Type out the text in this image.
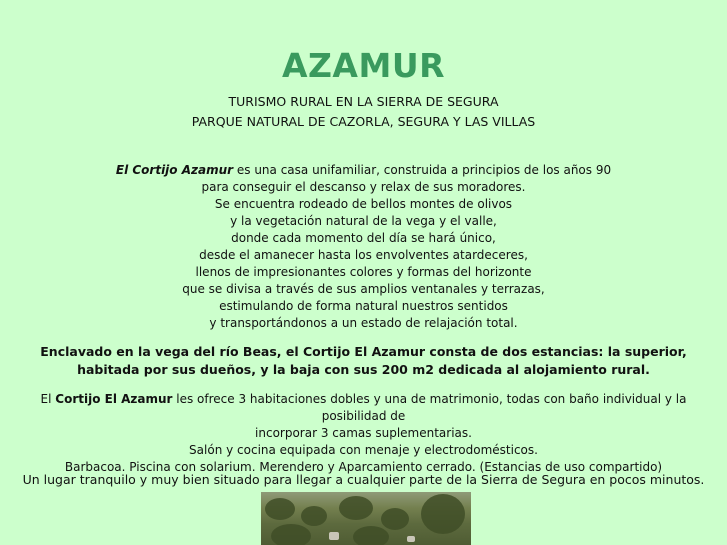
AZAMUR
TURISMO RURAL EN LA SIERRA DE SEGURA
PARQUE NATURAL DE CAZORLA, SEGURA Y LAS VILLAS
El Cortijo Azamur es una casa unifamiliar, construida a principios de los años 90
para conseguir el descanso y relax de sus moradores.
Se encuentra rodeado de bellos montes de olivos
y la vegetación natural de la vega y el valle,
donde cada momento del día se hará único,
desde el amanecer hasta los envolventes atardeceres,
llenos de impresionantes colores y formas del horizonte
que se divisa a través de sus amplios ventanales y terrazas,
estimulando de forma natural nuestros sentidos
y transportándonos a un estado de relajación total.
Enclavado en la vega del río Beas, el Cortijo El Azamur consta de dos estancias: la superior, habitada por sus dueños, y la baja con sus 200 m2 dedicada al alojamiento rural.
El Cortijo El Azamur les ofrece 3 habitaciones dobles y una de matrimonio, todas con baño individual y la posibilidad de
incorporar 3 camas suplementarias.
Salón y cocina equipada con menaje y electrodomésticos.
Barbacoa. Piscina con solarium. Merendero y Aparcamiento cerrado. (Estancias de uso compartido)
Un lugar tranquilo y muy bien situado para llegar a cualquier parte de la Sierra de Segura en pocos minutos.
